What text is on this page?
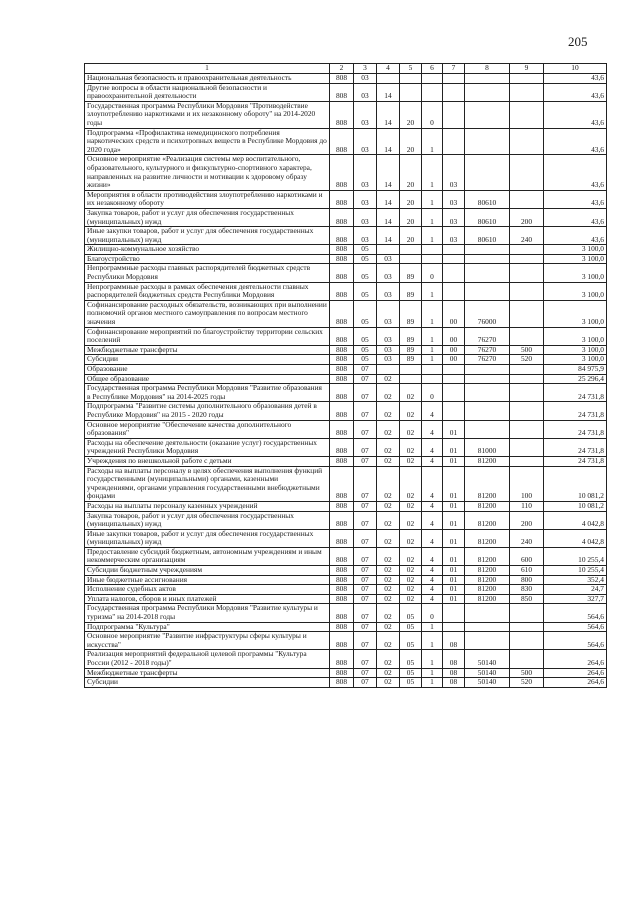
205
1	2	3	4	5	6	7	8	9	10
Национальная безопасность и правоохранительная деятельность	808	03							43,6
Другие вопросы в области национальной безопасности и правоохранительной деятельности	808	03	14						43,6
Государственная программа Республики Мордовия "Противодействие злоупотреблению наркотиками и их незаконному обороту" на 2014-2020 годы	808	03	14	20	0				43,6
Подпрограмма «Профилактика немедицинского потребления наркотических средств и психотропных веществ в Республике Мордовия до 2020 года»	808	03	14	20	1				43,6
Основное мероприятие «Реализация системы мер воспитательного, образовательного, культурного и физкультурно-спортивного характера, направленных на развитие личности и мотивации к здоровому образу жизни»	808	03	14	20	1	03			43,6
Мероприятия в области противодействия злоупотреблению наркотиками и их незаконному обороту	808	03	14	20	1	03	80610		43,6
Закупка товаров, работ и услуг для обеспечения государственных (муниципальных) нужд	808	03	14	20	1	03	80610	200	43,6
Иные закупки товаров, работ и услуг для обеспечения государственных (муниципальных) нужд	808	03	14	20	1	03	80610	240	43,6
Жилищно-коммунальное хозяйство	808	05							3 100,0
Благоустройство	808	05	03						3 100,0
Непрограммные расходы главных распорядителей бюджетных средств Республики Мордовия	808	05	03	89	0				3 100,0
Непрограммные расходы в рамках обеспечения деятельности главных распорядителей бюджетных средств Республики Мордовия	808	05	03	89	1				3 100,0
Софинансирование расходных обязательств, возникающих при выполнении полномочий органов местного самоуправления по вопросам местного значения	808	05	03	89	1	00	76000		3 100,0
Софинансирование мероприятий по благоустройству территории сельских поселений	808	05	03	89	1	00	76270		3 100,0
Межбюджетные трансферты	808	05	03	89	1	00	76270	500	3 100,0
Субсидии	808	05	03	89	1	00	76270	520	3 100,0
Образование	808	07							84 975,9
Общее образование	808	07	02						25 296,4
Государственная программа Республики Мордовия "Развитие образования в Республике Мордовия" на 2014-2025 годы	808	07	02	02	0				24 731,8
Подпрограмма "Развитие системы дополнительного образования детей в Республике Мордовия" на 2015 - 2020 годы	808	07	02	02	4				24 731,8
Основное мероприятие "Обеспечение качества дополнительного образования"	808	07	02	02	4	01			24 731,8
Расходы на обеспечение деятельности (оказание услуг) государственных учреждений Республики Мордовия	808	07	02	02	4	01	81000		24 731,8
Учреждения по внешкольной работе с детьми	808	07	02	02	4	01	81200		24 731,8
Расходы на выплаты персоналу в целях обеспечения выполнения функций государственными (муниципальными) органами, казенными учреждениями, органами управления государственными внебюджетными фондами	808	07	02	02	4	01	81200	100	10 081,2
Расходы на выплаты персоналу казенных учреждений	808	07	02	02	4	01	81200	110	10 081,2
Закупка товаров, работ и услуг для обеспечения государственных (муниципальных) нужд	808	07	02	02	4	01	81200	200	4 042,8
Иные закупки товаров, работ и услуг для обеспечения государственных (муниципальных) нужд	808	07	02	02	4	01	81200	240	4 042,8
Предоставление субсидий бюджетным, автономным учреждениям и иным некоммерческим организациям	808	07	02	02	4	01	81200	600	10 255,4
Субсидии бюджетным учреждениям	808	07	02	02	4	01	81200	610	10 255,4
Иные бюджетные ассигнования	808	07	02	02	4	01	81200	800	352,4
Исполнение судебных актов	808	07	02	02	4	01	81200	830	24,7
Уплата налогов, сборов и иных платежей	808	07	02	02	4	01	81200	850	327,7
Государственная программа Республики Мордовия "Развитие культуры и туризма" на 2014-2018 годы	808	07	02	05	0				564,6
Подпрограмма "Культура"	808	07	02	05	1				564,6
Основное мероприятие "Развитие инфраструктуры сферы культуры и искусства"	808	07	02	05	1	08			564,6
Реализация мероприятий федеральной целевой программы "Культура России (2012 - 2018 годы)"	808	07	02	05	1	08	50140		264,6
Межбюджетные трансферты	808	07	02	05	1	08	50140	500	264,6
Субсидии	808	07	02	05	1	08	50140	520	264,6
